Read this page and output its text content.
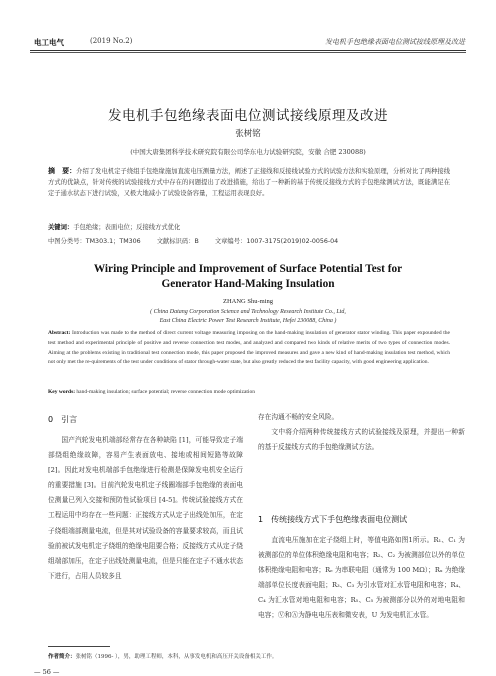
电工电气	(2019 No.2)	发电机手包绝缘表面电位测试接线原理及改进
发电机手包绝缘表面电位测试接线原理及改进
张树铭
(中国大唐集团科学技术研究院有限公司华东电力试验研究院，安徽 合肥 230088)
摘　要：介绍了发电机定子绕组手包绝缘施加直流电压测量方法，阐述了正接线和反接线试验方式的试验方法和实验原理，分析对比了两种接线方式的优缺点，针对传统的试验接线方式中存在的问题提出了改进措施，给出了一种新的基于传统反接线方式的手包绝缘测试方法，既能满足在定子通水状态下进行试验，又极大地减小了试验设备容量，工程运用表现良好。
关键词：手包绝缘；表面电位；反接线方式优化
中图分类号：TM303.1；TM306	文献标识码：B	文章编号：1007-3175(2019)02-0056-04
Wiring Principle and Improvement of Surface Potential Test for
Generator Hand-Making Insulation
ZHANG Shu-ming
( China Datang Corporation Science and Technology Research Institute Co., Ltd,
East China Electric Power Test Research Institute, Hefei 230088, China )
Abstract: Introduction was made to the method of direct current voltage measuring imposing on the hand-making insulation of generator stator winding. This paper expounded the test method and experimental principle of positive and reverse connection test modes, and analyzed and compared two kinds of relative merits of two types of connection modes. Aiming at the problems existing in traditional test connection mode, this paper proposed the improved measures and gave a new kind of hand-making insulation test method, which not only met the re-quirements of the test under conditions of stator through-water state, but also greatly reduced the test facility capacity, with good engineering application.
Key words: hand-making insulation; surface potential; reverse connection mode optimization
0　引言

国产汽轮发电机端部经常存在各种缺陷 [1]，可能导致定子端部绕组绝缘故障，容易产生表面放电、接地或相间短路等故障 [2]。因此对发电机端部手包绝缘进行检测是保障发电机安全运行的重要措施 [3]。目前汽轮发电机定子线圈端部手包绝缘的表面电位测量已列入交接和预防性试验项目 [4-5]。传统试验接线方式在工程运用中均存在一些问题：正接线方式从定子出线处加压，在定子绕组端部测量电流，但是其对试验设备的容量要求较高，而且试验前被试发电机定子绕组的绝缘电阻要合格；反接线方式从定子绕组端部加压，在定子出线处测量电流，但是只能在定子不通水状态下进行，占用人员较多且

存在沟通不畅的安全风险。

文中将介绍两种传统接线方式的试验接线及原理，并提出一种新的基于反接线方式的手包绝缘测试方法。

1　传统接线方式下手包绝缘表面电位测试

直流电压施加在定子绕组上时，等值电路如图1所示。R₁、C₁ 为被测部位的单位体积绝缘电阻和电容；R₂、C₂ 为被测部位以外的单位体积绝缘电阻和电容；Rₑ 为串联电阻（通常为 100 MΩ）；Rₓ 为绝缘端部单位长度表面电阻；R₃、C₃ 为引水管对汇水管电阻和电容；R₄、C₄ 为汇水管对地电阻和电容；R₅、C₅ 为被测部分以外的对地电阻和电容；Ⓥ和Ⓐ为静电电压表和微安表，U 为发电机汇水管。

作者简介：张树铭（1996- ），男，助理工程师，本科，从事发电机和高压开关设备相关工作。
— 56 —
